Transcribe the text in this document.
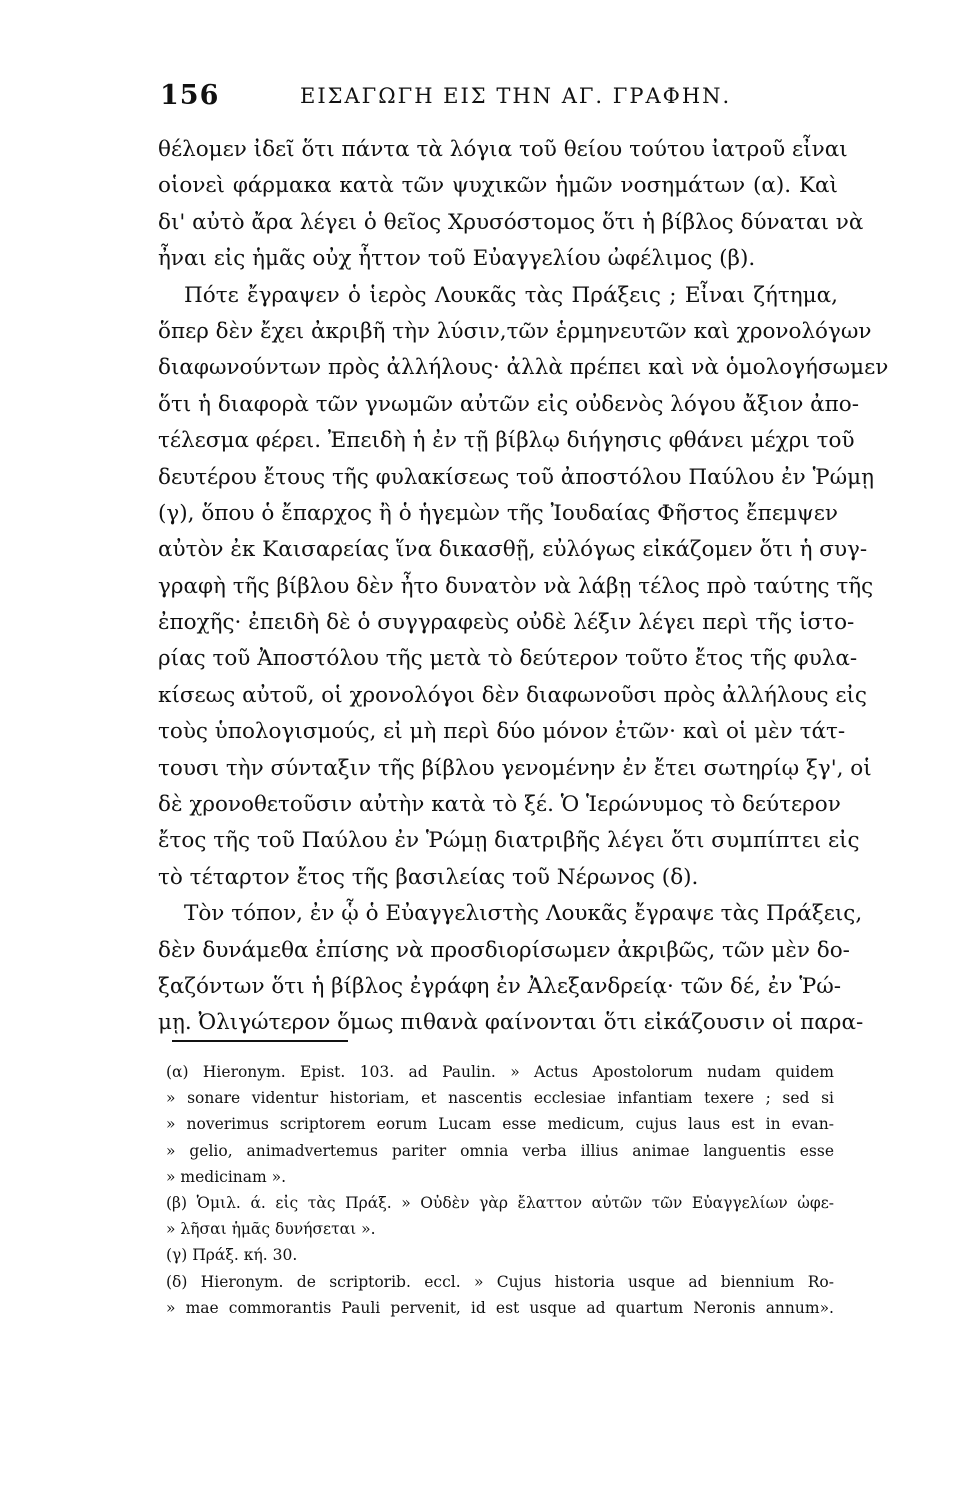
156	ΕΙΣΑΓΩΓΗ ΕΙΣ ΤΗΝ ΑΓ. ΓΡΑΦΗΝ.
θέλομεν ἰδεῖ ὅτι πάντα τὰ λόγια τοῦ θείου τούτου ἰατροῦ εἶναι
οἱονεὶ φάρμακα κατὰ τῶν ψυχικῶν ἡμῶν νοσημάτων (α). Καὶ
δι' αὐτὸ ἄρα λέγει ὁ θεῖος Χρυσόστομος ὅτι ἡ βίβλος δύναται νὰ
ἦναι εἰς ἡμᾶς οὐχ ἧττον τοῦ Εὐαγγελίου ὠφέλιμος (β).
Πότε ἔγραψεν ὁ ἱερὸς Λουκᾶς τὰς Πράξεις ; Εἶναι ζήτημα,
ὅπερ δὲν ἔχει ἀκριβῆ τὴν λύσιν,τῶν ἑρμηνευτῶν καὶ χρονολόγων
διαφωνούντων πρὸς ἀλλήλους· ἀλλὰ πρέπει καὶ νὰ ὁμολογήσωμεν
ὅτι ἡ διαφορὰ τῶν γνωμῶν αὐτῶν εἰς οὐδενὸς λόγου ἄξιον ἀπο-
τέλεσμα φέρει. Ἐπειδὴ ἡ ἐν τῇ βίβλῳ διήγησις φθάνει μέχρι τοῦ
δευτέρου ἔτους τῆς φυλακίσεως τοῦ ἀποστόλου Παύλου ἐν Ῥώμῃ
(γ), ὅπου ὁ ἔπαρχος ἢ ὁ ἡγεμὼν τῆς Ἰουδαίας Φῆστος ἔπεμψεν
αὐτὸν ἐκ Καισαρείας ἵνα δικασθῇ, εὐλόγως εἰκάζομεν ὅτι ἡ συγ-
γραφὴ τῆς βίβλου δὲν ἦτο δυνατὸν νὰ λάβῃ τέλος πρὸ ταύτης τῆς
ἐποχῆς· ἐπειδὴ δὲ ὁ συγγραφεὺς οὐδὲ λέξιν λέγει περὶ τῆς ἱστο-
ρίας τοῦ Ἀποστόλου τῆς μετὰ τὸ δεύτερον τοῦτο ἔτος τῆς φυλα-
κίσεως αὐτοῦ, οἱ χρονολόγοι δὲν διαφωνοῦσι πρὸς ἀλλήλους εἰς
τοὺς ὑπολογισμούς, εἰ μὴ περὶ δύο μόνον ἐτῶν· καὶ οἱ μὲν τάτ-
τουσι τὴν σύνταξιν τῆς βίβλου γενομένην ἐν ἔτει σωτηρίῳ ξγ', οἱ
δὲ χρονοθετοῦσιν αὐτὴν κατὰ τὸ ξέ. Ὁ Ἱερώνυμος τὸ δεύτερον
ἔτος τῆς τοῦ Παύλου ἐν Ῥώμῃ διατριβῆς λέγει ὅτι συμπίπτει εἰς
τὸ τέταρτον ἔτος τῆς βασιλείας τοῦ Νέρωνος (δ).
Τὸν τόπον, ἐν ᾧ ὁ Εὐαγγελιστὴς Λουκᾶς ἔγραψε τὰς Πράξεις,
δὲν δυνάμεθα ἐπίσης νὰ προσδιορίσωμεν ἀκριβῶς, τῶν μὲν δο-
ξαζόντων ὅτι ἡ βίβλος ἐγράφη ἐν Ἀλεξανδρείᾳ· τῶν δέ, ἐν Ῥώ-
μῃ. Ὀλιγώτερον ὅμως πιθανὰ φαίνονται ὅτι εἰκάζουσιν οἱ παρα-
(α) Hieronym. Epist. 103. ad Paulin. » Actus Apostolorum nudam quidem
» sonare videntur historiam, et nascentis ecclesiae infantiam texere ; sed si
» noverimus scriptorem eorum Lucam esse medicum, cujus laus est in evan-
» gelio, animadvertemus pariter omnia verba illius animae languentis esse
» medicinam ».
(β) Ὁμιλ. ά. εἰς τὰς Πράξ. » Οὐδὲν γὰρ ἔλαττον αὐτῶν τῶν Εὐαγγελίων ὠφε-
» λῆσαι ἡμᾶς δυνήσεται ».
(γ) Πράξ. κή. 30.
(δ) Hieronym. de scriptorib. eccl. » Cujus historia usque ad biennium Ro-
» mae commorantis Pauli pervenit, id est usque ad quartum Neronis annum».
